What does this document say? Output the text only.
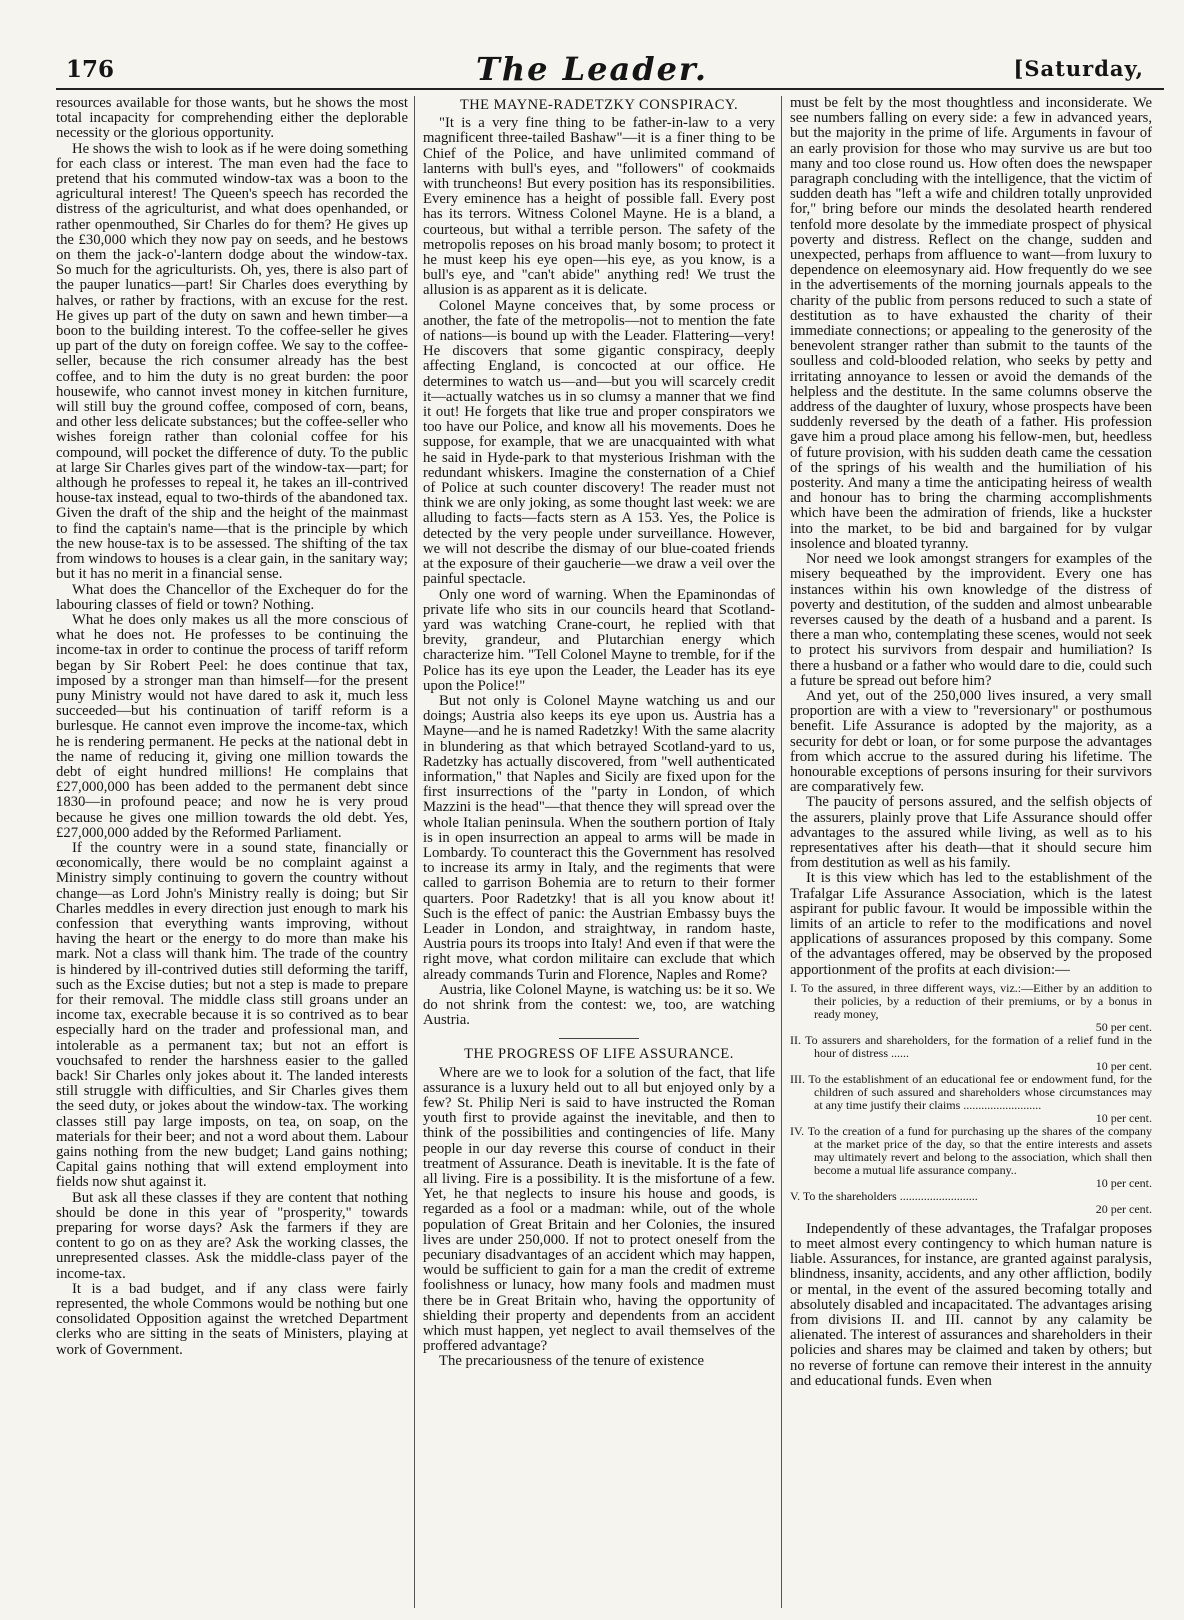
176	The Leader.	[Saturday,

resources available for those wants, but he shows the most total incapacity for comprehending either the deplorable necessity or the glorious opportunity.

He shows the wish to look as if he were doing something for each class or interest. The man even had the face to pretend that his commuted window-tax was a boon to the agricultural interest! The Queen's speech has recorded the distress of the agriculturist, and what does openhanded, or rather openmouthed, Sir Charles do for them? He gives up the £30,000 which they now pay on seeds, and he bestows on them the jack-o'-lantern dodge about the window-tax. So much for the agriculturists. Oh, yes, there is also part of the pauper lunatics—part! Sir Charles does everything by halves, or rather by fractions, with an excuse for the rest. He gives up part of the duty on sawn and hewn timber—a boon to the building interest. To the coffee-seller he gives up part of the duty on foreign coffee. We say to the coffee-seller, because the rich consumer already has the best coffee, and to him the duty is no great burden: the poor housewife, who cannot invest money in kitchen furniture, will still buy the ground coffee, composed of corn, beans, and other less delicate substances; but the coffee-seller who wishes foreign rather than colonial coffee for his compound, will pocket the difference of duty. To the public at large Sir Charles gives part of the window-tax—part; for although he professes to repeal it, he takes an ill-contrived house-tax instead, equal to two-thirds of the abandoned tax. Given the draft of the ship and the height of the mainmast to find the captain's name—that is the principle by which the new house-tax is to be assessed. The shifting of the tax from windows to houses is a clear gain, in the sanitary way; but it has no merit in a financial sense.

What does the Chancellor of the Exchequer do for the labouring classes of field or town? Nothing.

What he does only makes us all the more conscious of what he does not. He professes to be continuing the income-tax in order to continue the process of tariff reform began by Sir Robert Peel: he does continue that tax, imposed by a stronger man than himself—for the present puny Ministry would not have dared to ask it, much less succeeded—but his continuation of tariff reform is a burlesque. He cannot even improve the income-tax, which he is rendering permanent. He pecks at the national debt in the name of reducing it, giving one million towards the debt of eight hundred millions! He complains that £27,000,000 has been added to the permanent debt since 1830—in profound peace; and now he is very proud because he gives one million towards the old debt. Yes, £27,000,000 added by the Reformed Parliament.

If the country were in a sound state, financially or œconomically, there would be no complaint against a Ministry simply continuing to govern the country without change—as Lord John's Ministry really is doing; but Sir Charles meddles in every direction just enough to mark his confession that everything wants improving, without having the heart or the energy to do more than make his mark. Not a class will thank him. The trade of the country is hindered by ill-contrived duties still deforming the tariff, such as the Excise duties; but not a step is made to prepare for their removal. The middle class still groans under an income tax, execrable because it is so contrived as to bear especially hard on the trader and professional man, and intolerable as a permanent tax; but not an effort is vouchsafed to render the harshness easier to the galled back! Sir Charles only jokes about it. The landed interests still struggle with difficulties, and Sir Charles gives them the seed duty, or jokes about the window-tax. The working classes still pay large imposts, on tea, on soap, on the materials for their beer; and not a word about them. Labour gains nothing from the new budget; Land gains nothing; Capital gains nothing that will extend employment into fields now shut against it.

But ask all these classes if they are content that nothing should be done in this year of "prosperity," towards preparing for worse days? Ask the farmers if they are content to go on as they are? Ask the working classes, the unrepresented classes. Ask the middle-class payer of the income-tax.

It is a bad budget, and if any class were fairly represented, the whole Commons would be nothing but one consolidated Opposition against the wretched Department clerks who are sitting in the seats of Ministers, playing at work of Government.

THE MAYNE-RADETZKY CONSPIRACY.

"It is a very fine thing to be father-in-law to a very magnificent three-tailed Bashaw"—it is a finer thing to be Chief of the Police, and have unlimited command of lanterns with bull's eyes, and "followers" of cookmaids with truncheons! But every position has its responsibilities. Every eminence has a height of possible fall. Every post has its terrors. Witness Colonel Mayne. He is a bland, a courteous, but withal a terrible person. The safety of the metropolis reposes on his broad manly bosom; to protect it he must keep his eye open—his eye, as you know, is a bull's eye, and "can't abide" anything red! We trust the allusion is as apparent as it is delicate.

Colonel Mayne conceives that, by some process or another, the fate of the metropolis—not to mention the fate of nations—is bound up with the Leader. Flattering—very! He discovers that some gigantic conspiracy, deeply affecting England, is concocted at our office. He determines to watch us—and—but you will scarcely credit it—actually watches us in so clumsy a manner that we find it out! He forgets that like true and proper conspirators we too have our Police, and know all his movements. Does he suppose, for example, that we are unacquainted with what he said in Hyde-park to that mysterious Irishman with the redundant whiskers. Imagine the consternation of a Chief of Police at such counter discovery! The reader must not think we are only joking, as some thought last week: we are alluding to facts—facts stern as A 153. Yes, the Police is detected by the very people under surveillance. However, we will not describe the dismay of our blue-coated friends at the exposure of their gaucherie—we draw a veil over the painful spectacle.

Only one word of warning. When the Epaminondas of private life who sits in our councils heard that Scotland-yard was watching Crane-court, he replied with that brevity, grandeur, and Plutarchian energy which characterize him. "Tell Colonel Mayne to tremble, for if the Police has its eye upon the Leader, the Leader has its eye upon the Police!"

But not only is Colonel Mayne watching us and our doings; Austria also keeps its eye upon us. Austria has a Mayne—and he is named Radetzky! With the same alacrity in blundering as that which betrayed Scotland-yard to us, Radetzky has actually discovered, from "well authenticated information," that Naples and Sicily are fixed upon for the first insurrections of the "party in London, of which Mazzini is the head"—that thence they will spread over the whole Italian peninsula. When the southern portion of Italy is in open insurrection an appeal to arms will be made in Lombardy. To counteract this the Government has resolved to increase its army in Italy, and the regiments that were called to garrison Bohemia are to return to their former quarters. Poor Radetzky! that is all you know about it! Such is the effect of panic: the Austrian Embassy buys the Leader in London, and straightway, in random haste, Austria pours its troops into Italy! And even if that were the right move, what cordon militaire can exclude that which already commands Turin and Florence, Naples and Rome?

Austria, like Colonel Mayne, is watching us: be it so. We do not shrink from the contest: we, too, are watching Austria.

THE PROGRESS OF LIFE ASSURANCE.

Where are we to look for a solution of the fact, that life assurance is a luxury held out to all but enjoyed only by a few? St. Philip Neri is said to have instructed the Roman youth first to provide against the inevitable, and then to think of the possibilities and contingencies of life. Many people in our day reverse this course of conduct in their treatment of Assurance. Death is inevitable. It is the fate of all living. Fire is a possibility. It is the misfortune of a few. Yet, he that neglects to insure his house and goods, is regarded as a fool or a madman: while, out of the whole population of Great Britain and her Colonies, the insured lives are under 250,000. If not to protect oneself from the pecuniary disadvantages of an accident which may happen, would be sufficient to gain for a man the credit of extreme foolishness or lunacy, how many fools and madmen must there be in Great Britain who, having the opportunity of shielding their property and dependents from an accident which must happen, yet neglect to avail themselves of the proffered advantage?

The precariousness of the tenure of existence

must be felt by the most thoughtless and inconsiderate. We see numbers falling on every side: a few in advanced years, but the majority in the prime of life. Arguments in favour of an early provision for those who may survive us are but too many and too close round us. How often does the newspaper paragraph concluding with the intelligence, that the victim of sudden death has "left a wife and children totally unprovided for," bring before our minds the desolated hearth rendered tenfold more desolate by the immediate prospect of physical poverty and distress. Reflect on the change, sudden and unexpected, perhaps from affluence to want—from luxury to dependence on eleemosynary aid. How frequently do we see in the advertisements of the morning journals appeals to the charity of the public from persons reduced to such a state of destitution as to have exhausted the charity of their immediate connections; or appealing to the generosity of the benevolent stranger rather than submit to the taunts of the soulless and cold-blooded relation, who seeks by petty and irritating annoyance to lessen or avoid the demands of the helpless and the destitute. In the same columns observe the address of the daughter of luxury, whose prospects have been suddenly reversed by the death of a father. His profession gave him a proud place among his fellow-men, but, heedless of future provision, with his sudden death came the cessation of the springs of his wealth and the humiliation of his posterity. And many a time the anticipating heiress of wealth and honour has to bring the charming accomplishments which have been the admiration of friends, like a huckster into the market, to be bid and bargained for by vulgar insolence and bloated tyranny.

Nor need we look amongst strangers for examples of the misery bequeathed by the improvident. Every one has instances within his own knowledge of the distress of poverty and destitution, of the sudden and almost unbearable reverses caused by the death of a husband and a parent. Is there a man who, contemplating these scenes, would not seek to protect his survivors from despair and humiliation? Is there a husband or a father who would dare to die, could such a future be spread out before him?

And yet, out of the 250,000 lives insured, a very small proportion are with a view to "reversionary" or posthumous benefit. Life Assurance is adopted by the majority, as a security for debt or loan, or for some purpose the advantages from which accrue to the assured during his lifetime. The honourable exceptions of persons insuring for their survivors are comparatively few.

The paucity of persons assured, and the selfish objects of the assurers, plainly prove that Life Assurance should offer advantages to the assured while living, as well as to his representatives after his death—that it should secure him from destitution as well as his family.

It is this view which has led to the establishment of the Trafalgar Life Assurance Association, which is the latest aspirant for public favour. It would be impossible within the limits of an article to refer to the modifications and novel applications of assurances proposed by this company. Some of the advantages offered, may be observed by the proposed apportionment of the profits at each division:—

I. To the assured, in three different ways, viz.:—Either by an addition to their policies, by a reduction of their premiums, or by a bonus in ready money,
50 per cent.
II. To assurers and shareholders, for the formation of a relief fund in the hour of distress ......
10 per cent.
III. To the establishment of an educational fee or endowment fund, for the children of such assured and shareholders whose circumstances may at any time justify their claims ..........................
10 per cent.
IV. To the creation of a fund for purchasing up the shares of the company at the market price of the day, so that the entire interests and assets may ultimately revert and belong to the association, which shall then become a mutual life assurance company..
10 per cent.
V. To the shareholders ..........................
20 per cent.

Independently of these advantages, the Trafalgar proposes to meet almost every contingency to which human nature is liable. Assurances, for instance, are granted against paralysis, blindness, insanity, accidents, and any other affliction, bodily or mental, in the event of the assured becoming totally and absolutely disabled and incapacitated. The advantages arising from divisions II. and III. cannot by any calamity be alienated. The interest of assurances and shareholders in their policies and shares may be claimed and taken by others; but no reverse of fortune can remove their interest in the annuity and educational funds. Even when
